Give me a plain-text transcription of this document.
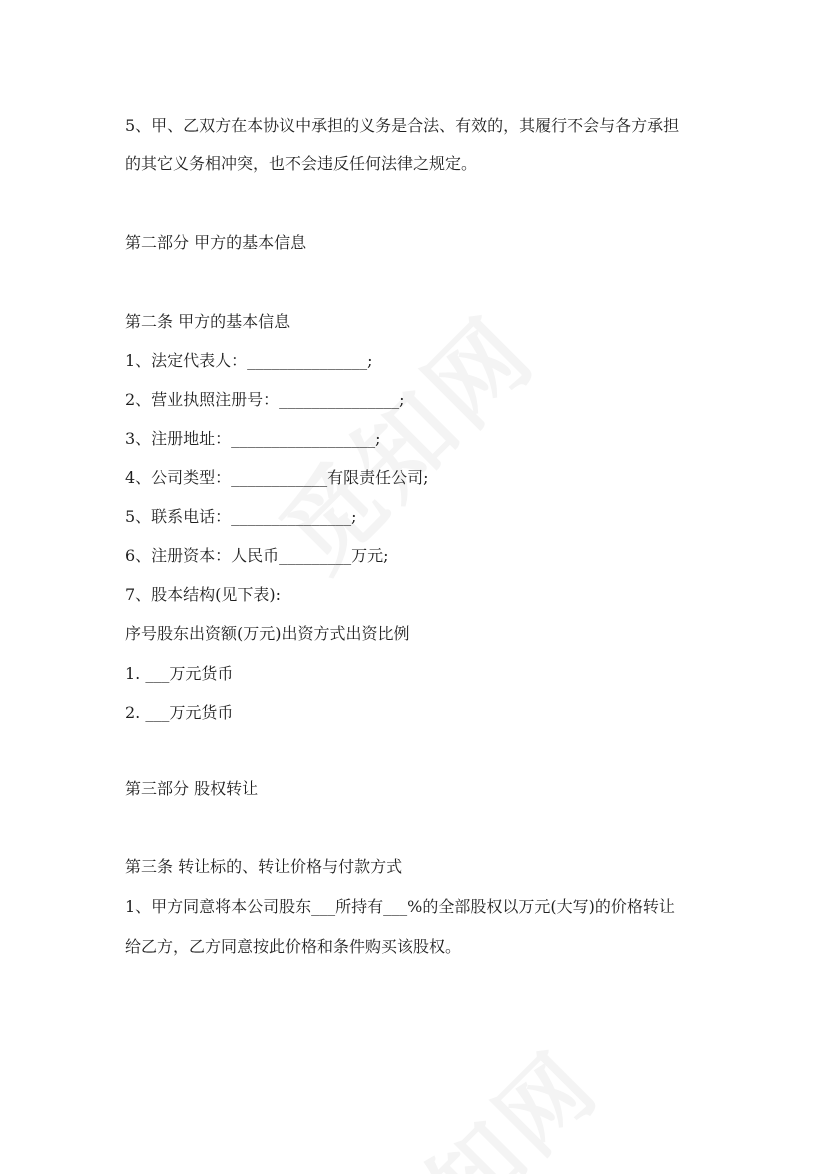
5、甲、乙双方在本协议中承担的义务是合法、有效的，其履行不会与各方承担
的其它义务相冲突，也不会违反任何法律之规定。
第二部分 甲方的基本信息
第二条 甲方的基本信息
1、法定代表人：_______________;
2、营业执照注册号：_______________;
3、注册地址：__________________;
4、公司类型：____________有限责任公司;
5、联系电话：_______________;
6、注册资本：人民币_________万元;
7、股本结构(见下表):
序号股东出资额(万元)出资方式出资比例
1. ___万元货币
2. ___万元货币
第三部分 股权转让
第三条 转让标的、转让价格与付款方式
1、甲方同意将本公司股东___所持有___%的全部股权以万元(大写)的价格转让
给乙方，乙方同意按此价格和条件购买该股权。
